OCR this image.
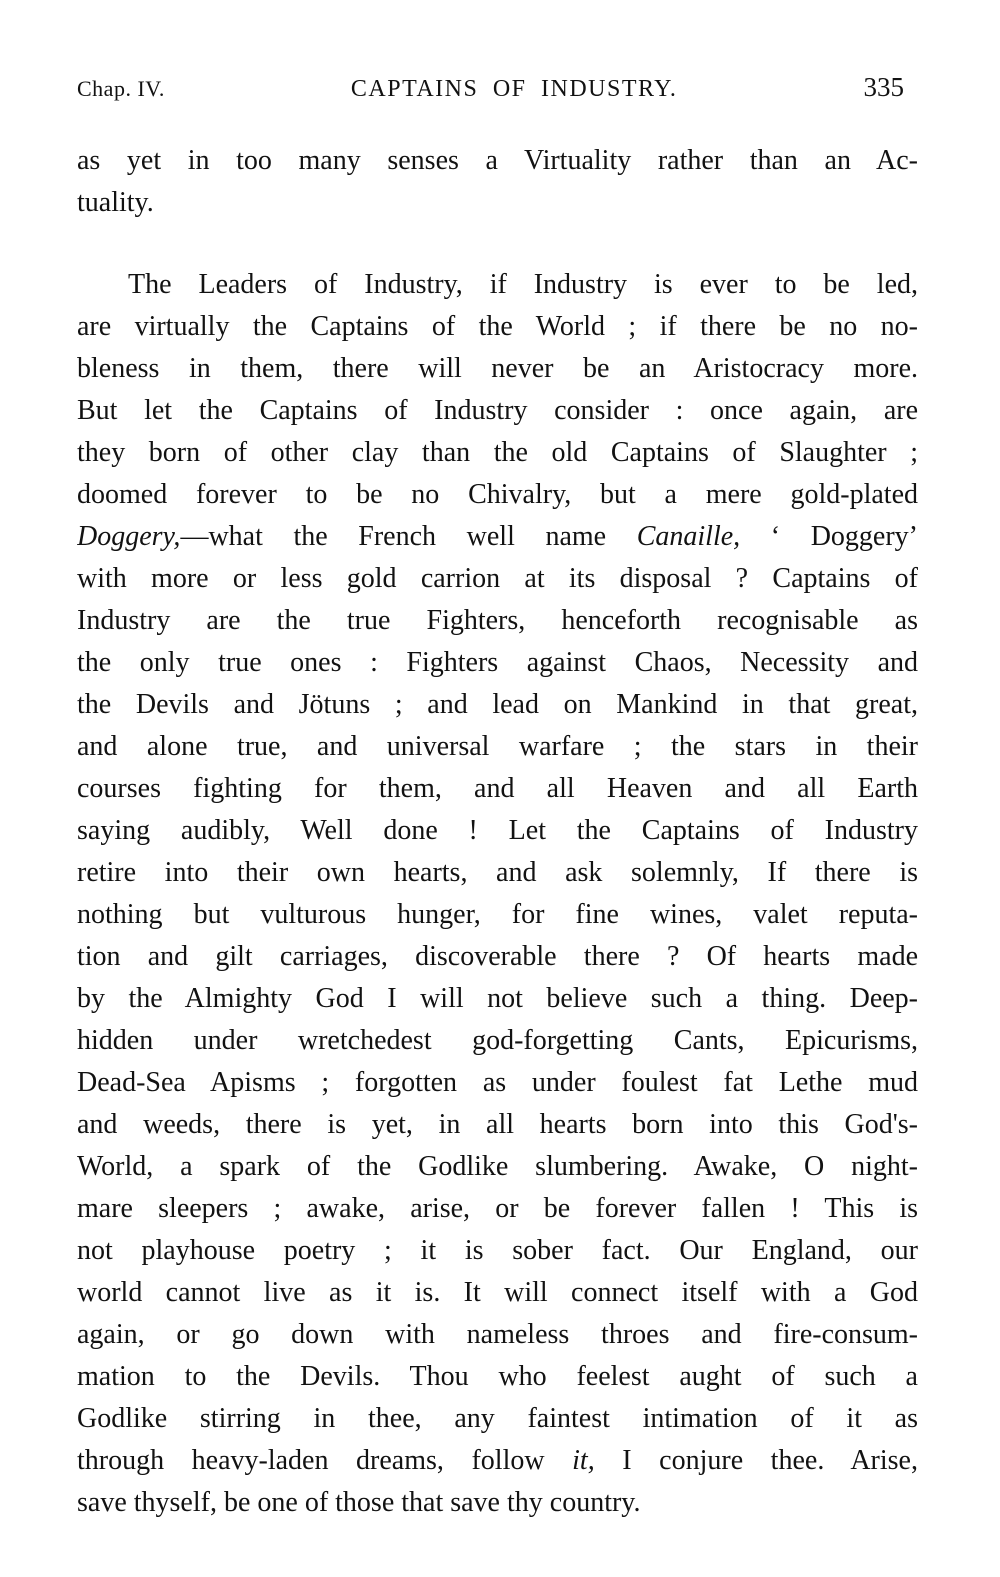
Chap. IV.	CAPTAINS OF INDUSTRY.	335
as yet in too many senses a Virtuality rather than an Ac-
tuality.
The Leaders of Industry, if Industry is ever to be led,
are virtually the Captains of the World ; if there be no no-
bleness in them, there will never be an Aristocracy more.
But let the Captains of Industry consider : once again, are
they born of other clay than the old Captains of Slaughter ;
doomed forever to be no Chivalry, but a mere gold-plated
Doggery,—what the French well name Canaille, ‘ Doggery’
with more or less gold carrion at its disposal ? Captains of
Industry are the true Fighters, henceforth recognisable as
the only true ones : Fighters against Chaos, Necessity and
the Devils and Jötuns ; and lead on Mankind in that great,
and alone true, and universal warfare ; the stars in their
courses fighting for them, and all Heaven and all Earth
saying audibly, Well done ! Let the Captains of Industry
retire into their own hearts, and ask solemnly, If there is
nothing but vulturous hunger, for fine wines, valet reputa-
tion and gilt carriages, discoverable there ? Of hearts made
by the Almighty God I will not believe such a thing. Deep-
hidden under wretchedest god-forgetting Cants, Epicurisms,
Dead-Sea Apisms ; forgotten as under foulest fat Lethe mud
and weeds, there is yet, in all hearts born into this God's-
World, a spark of the Godlike slumbering. Awake, O night-
mare sleepers ; awake, arise, or be forever fallen ! This is
not playhouse poetry ; it is sober fact. Our England, our
world cannot live as it is. It will connect itself with a God
again, or go down with nameless throes and fire-consum-
mation to the Devils. Thou who feelest aught of such a
Godlike stirring in thee, any faintest intimation of it as
through heavy-laden dreams, follow it, I conjure thee. Arise,
save thyself, be one of those that save thy country.
